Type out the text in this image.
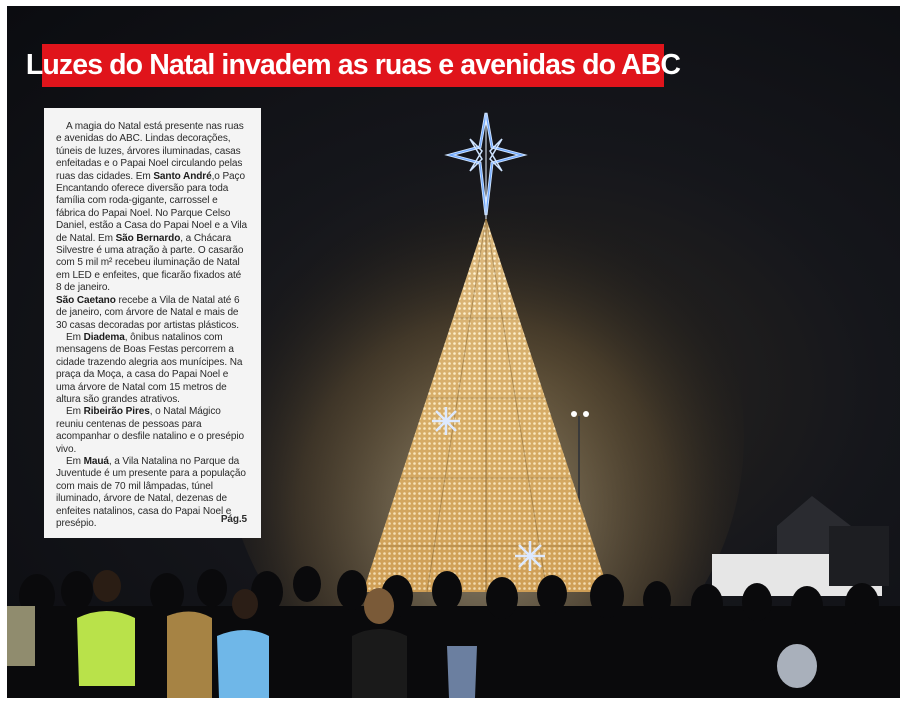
Luzes do Natal invadem as ruas e avenidas do ABC

A magia do Natal está presente nas ruas e avenidas do ABC. Lindas decorações, túneis de luzes, árvores iluminadas, casas enfeitadas e o Papai Noel circulando pelas ruas das cidades. Em Santo André,o Paço Encantando oferece diversão para toda família com roda-gigante, carrossel e fábrica do Papai Noel. No Parque Celso Daniel, estão a Casa do Papai Noel e a Vila de Natal. Em São Bernardo, a Chácara Silvestre é uma atração à parte. O casarão com 5 mil m² recebeu iluminação de Natal em LED e enfeites, que ficarão fixados até 8 de janeiro.

São Caetano recebe a Vila de Natal até 6 de janeiro, com árvore de Natal e mais de 30 casas decoradas por artistas plásticos.

Em Diadema, ônibus natalinos com mensagens de Boas Festas percorrem a cidade trazendo alegria aos munícipes. Na praça da Moça, a casa do Papai Noel e uma árvore de Natal com 15 metros de altura são grandes atrativos.

Em Ribeirão Pires, o Natal Mágico reuniu centenas de pessoas para acompanhar o desfile natalino e o presépio vivo.

Em Mauá, a Vila Natalina no Parque da Juventude é um presente para a população com mais de 70 mil lâmpadas, túnel iluminado, árvore de Natal, dezenas de enfeites natalinos, casa do Papai Noel e presépio.	Pág.5
